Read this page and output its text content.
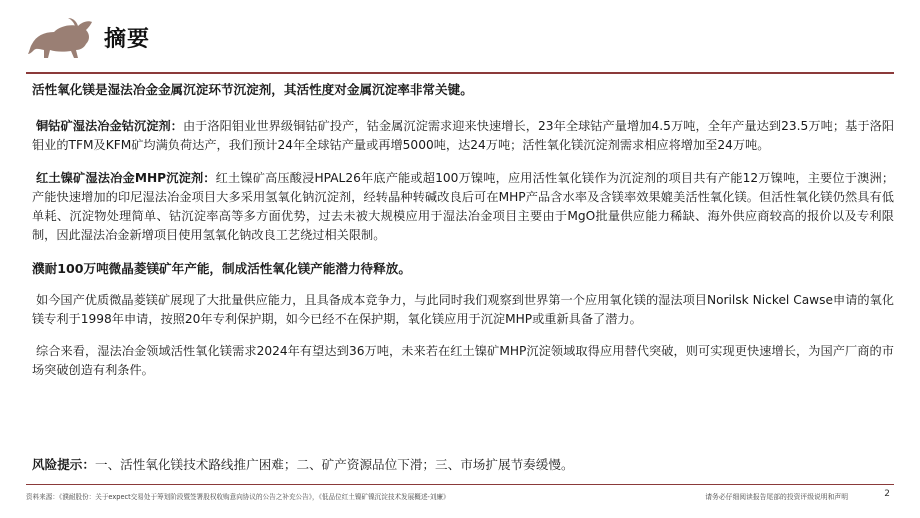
摘要

活性氧化镁是湿法冶金金属沉淀环节沉淀剂，其活性度对金属沉淀率非常关键。

铜钴矿湿法冶金钴沉淀剂：由于洛阳钼业世界级铜钴矿投产，钴金属沉淀需求迎来快速增长，23年全球钴产量增加4.5万吨，全年产量达到23.5万吨；基于洛阳钼业的TFM及KFM矿均满负荷达产，我们预计24年全球钴产量或再增5000吨，达24万吨；活性氧化镁沉淀剂需求相应将增加至24万吨。

红土镍矿湿法冶金MHP沉淀剂：红土镍矿高压酸浸HPAL26年底产能或超100万镍吨，应用活性氧化镁作为沉淀剂的项目共有产能12万镍吨，主要位于澳洲；产能快速增加的印尼湿法冶金项目大多采用氢氧化钠沉淀剂，经转晶种转碱改良后可在MHP产品含水率及含镁率效果媲美活性氧化镁。但活性氧化镁仍然具有低单耗、沉淀物处理简单、钴沉淀率高等多方面优势，过去未被大规模应用于湿法冶金项目主要由于MgO批量供应能力稀缺、海外供应商较高的报价以及专利限制，因此湿法冶金新增项目使用氢氧化钠改良工艺绕过相关限制。

濮耐100万吨微晶菱镁矿年产能，制成活性氧化镁产能潜力待释放。

如今国产优质微晶菱镁矿展现了大批量供应能力，且具备成本竞争力，与此同时我们观察到世界第一个应用氧化镁的湿法项目Norilsk Nickel Cawse申请的氧化镁专利于1998年申请，按照20年专利保护期，如今已经不在保护期，氧化镁应用于沉淀MHP或重新具备了潜力。

综合来看，湿法冶金领域活性氧化镁需求2024年有望达到36万吨，未来若在红土镍矿MHP沉淀领域取得应用替代突破，则可实现更快速增长，为国产厂商的市场突破创造有利条件。

风险提示：一、活性氧化镁技术路线推广困难；二、矿产资源品位下滑；三、市场扩展节奏缓慢。
资料来源：《濮耐股份：关于expect交易处于筹划阶段暨签署股权收购意向协议的公告之补充公告》，《低品位红土镍矿镍沉淀技术发展概述-刘廉》	请务必仔细阅读报告尾部的投资评级说明和声明	2
